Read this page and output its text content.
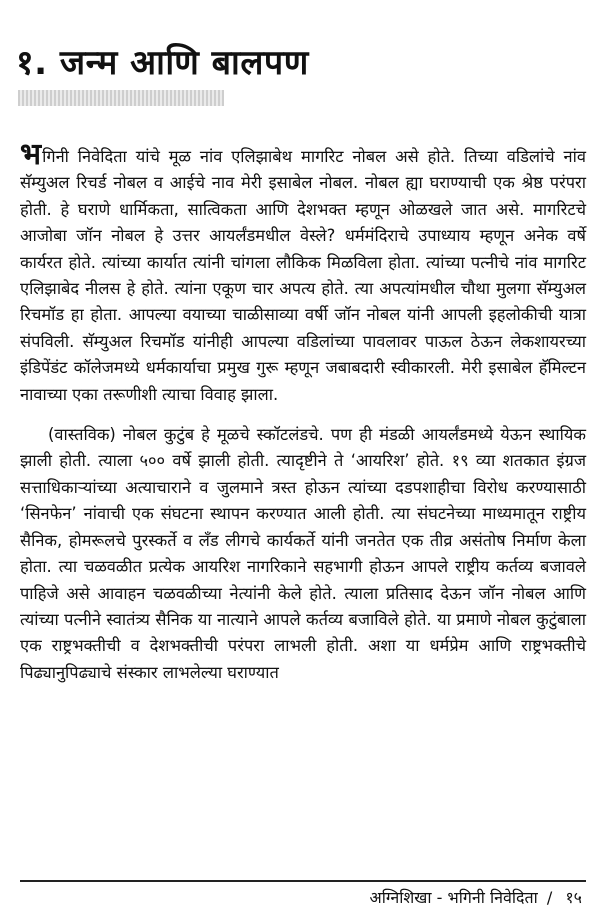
१. जन्म आणि बालपण

भगिनी निवेदिता यांचे मूळ नांव एलिझाबेथ मागरिट नोबल असे होते. तिच्या वडिलांचे नांव सॅम्युअल रिचर्ड नोबल व आईचे नाव मेरी इसाबेल नोबल. नोबल ह्या घराण्याची एक श्रेष्ठ परंपरा होती. हे घराणे धार्मिकता, सात्विकता आणि देशभक्त म्हणून ओळखले जात असे. मागरिटचे आजोबा जॉन नोबल हे उत्तर आयर्लंडमधील वेस्ले? धर्ममंदिराचे उपाध्याय म्हणून अनेक वर्षे कार्यरत होते. त्यांच्या कार्यात त्यांनी चांगला लौकिक मिळविला होता. त्यांच्या पत्नीचे नांव मागरिट एलिझाबेद नीलस हे होते. त्यांना एकूण चार अपत्य होते. त्या अपत्यांमधील चौथा मुलगा सॅम्युअल रिचमॉड हा होता. आपल्या वयाच्या चाळीसाव्या वर्षी जॉन नोबल यांनी आपली इहलोकीची यात्रा संपविली. सॅम्युअल रिचमॉड यांनीही आपल्या वडिलांच्या पावलावर पाऊल ठेऊन लेकशायरच्या इंडिपेंडंट कॉलेजमध्ये धर्मकार्याचा प्रमुख गुरू म्हणून जबाबदारी स्वीकारली. मेरी इसाबेल हॅमिल्टन नावाच्या एका तरूणीशी त्याचा विवाह झाला.

(वास्तविक) नोबल कुटुंब हे मूळचे स्कॉटलंडचे. पण ही मंडळी आयर्लंडमध्ये येऊन स्थायिक झाली होती. त्याला ५०० वर्षे झाली होती. त्यादृष्टीने ते ‘आयरिश’ होते. १९ व्या शतकात इंग्रज सत्ताधिकाऱ्यांच्या अत्याचाराने व जुलमाने त्रस्त होऊन त्यांच्या दडपशाहीचा विरोध करण्यासाठी ‘सिनफेन’ नांवाची एक संघटना स्थापन करण्यात आली होती. त्या संघटनेच्या माध्यमातून राष्ट्रीय सैनिक, होमरूलचे पुरस्कर्ते व लँड लीगचे कार्यकर्ते यांनी जनतेत एक तीव्र असंतोष निर्माण केला होता. त्या चळवळीत प्रत्येक आयरिश नागरिकाने सहभागी होऊन आपले राष्ट्रीय कर्तव्य बजावले पाहिजे असे आवाहन चळवळीच्या नेत्यांनी केले होते. त्याला प्रतिसाद देऊन जॉन नोबल आणि त्यांच्या पत्नीने स्वातंत्र्य सैनिक या नात्याने आपले कर्तव्य बजाविले होते. या प्रमाणे नोबल कुटुंबाला एक राष्ट्रभक्तीची व देशभक्तीची परंपरा लाभली होती. अशा या धर्मप्रेम आणि राष्ट्रभक्तीचे पिढ्यानुपिढ्याचे संस्कार लाभलेल्या घराण्यात

अग्निशिखा - भगिनी निवेदिता / १५
